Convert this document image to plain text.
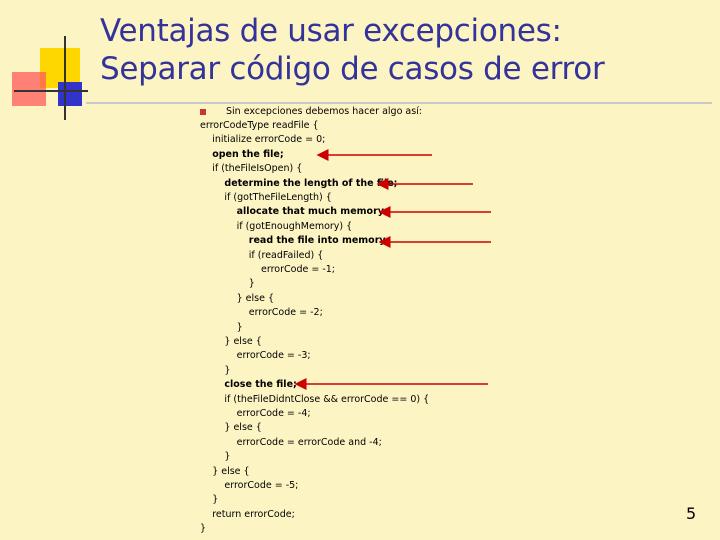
Ventajas de usar excepciones:
Separar código de casos de error
Sin excepciones debemos hacer algo así:
errorCodeType readFile {
initialize errorCode = 0;
open the file;
if (theFileIsOpen) {
determine the length of the file;
if (gotTheFileLength) {
allocate that much memory;
if (gotEnoughMemory) {
read the file into memory;
if (readFailed) {
errorCode = -1;
}
} else {
errorCode = -2;
}
} else {
errorCode = -3;
}
close the file;
if (theFileDidntClose && errorCode == 0) {
errorCode = -4;
} else {
errorCode = errorCode and -4;
}
} else {
errorCode = -5;
}
return errorCode;
}
5
